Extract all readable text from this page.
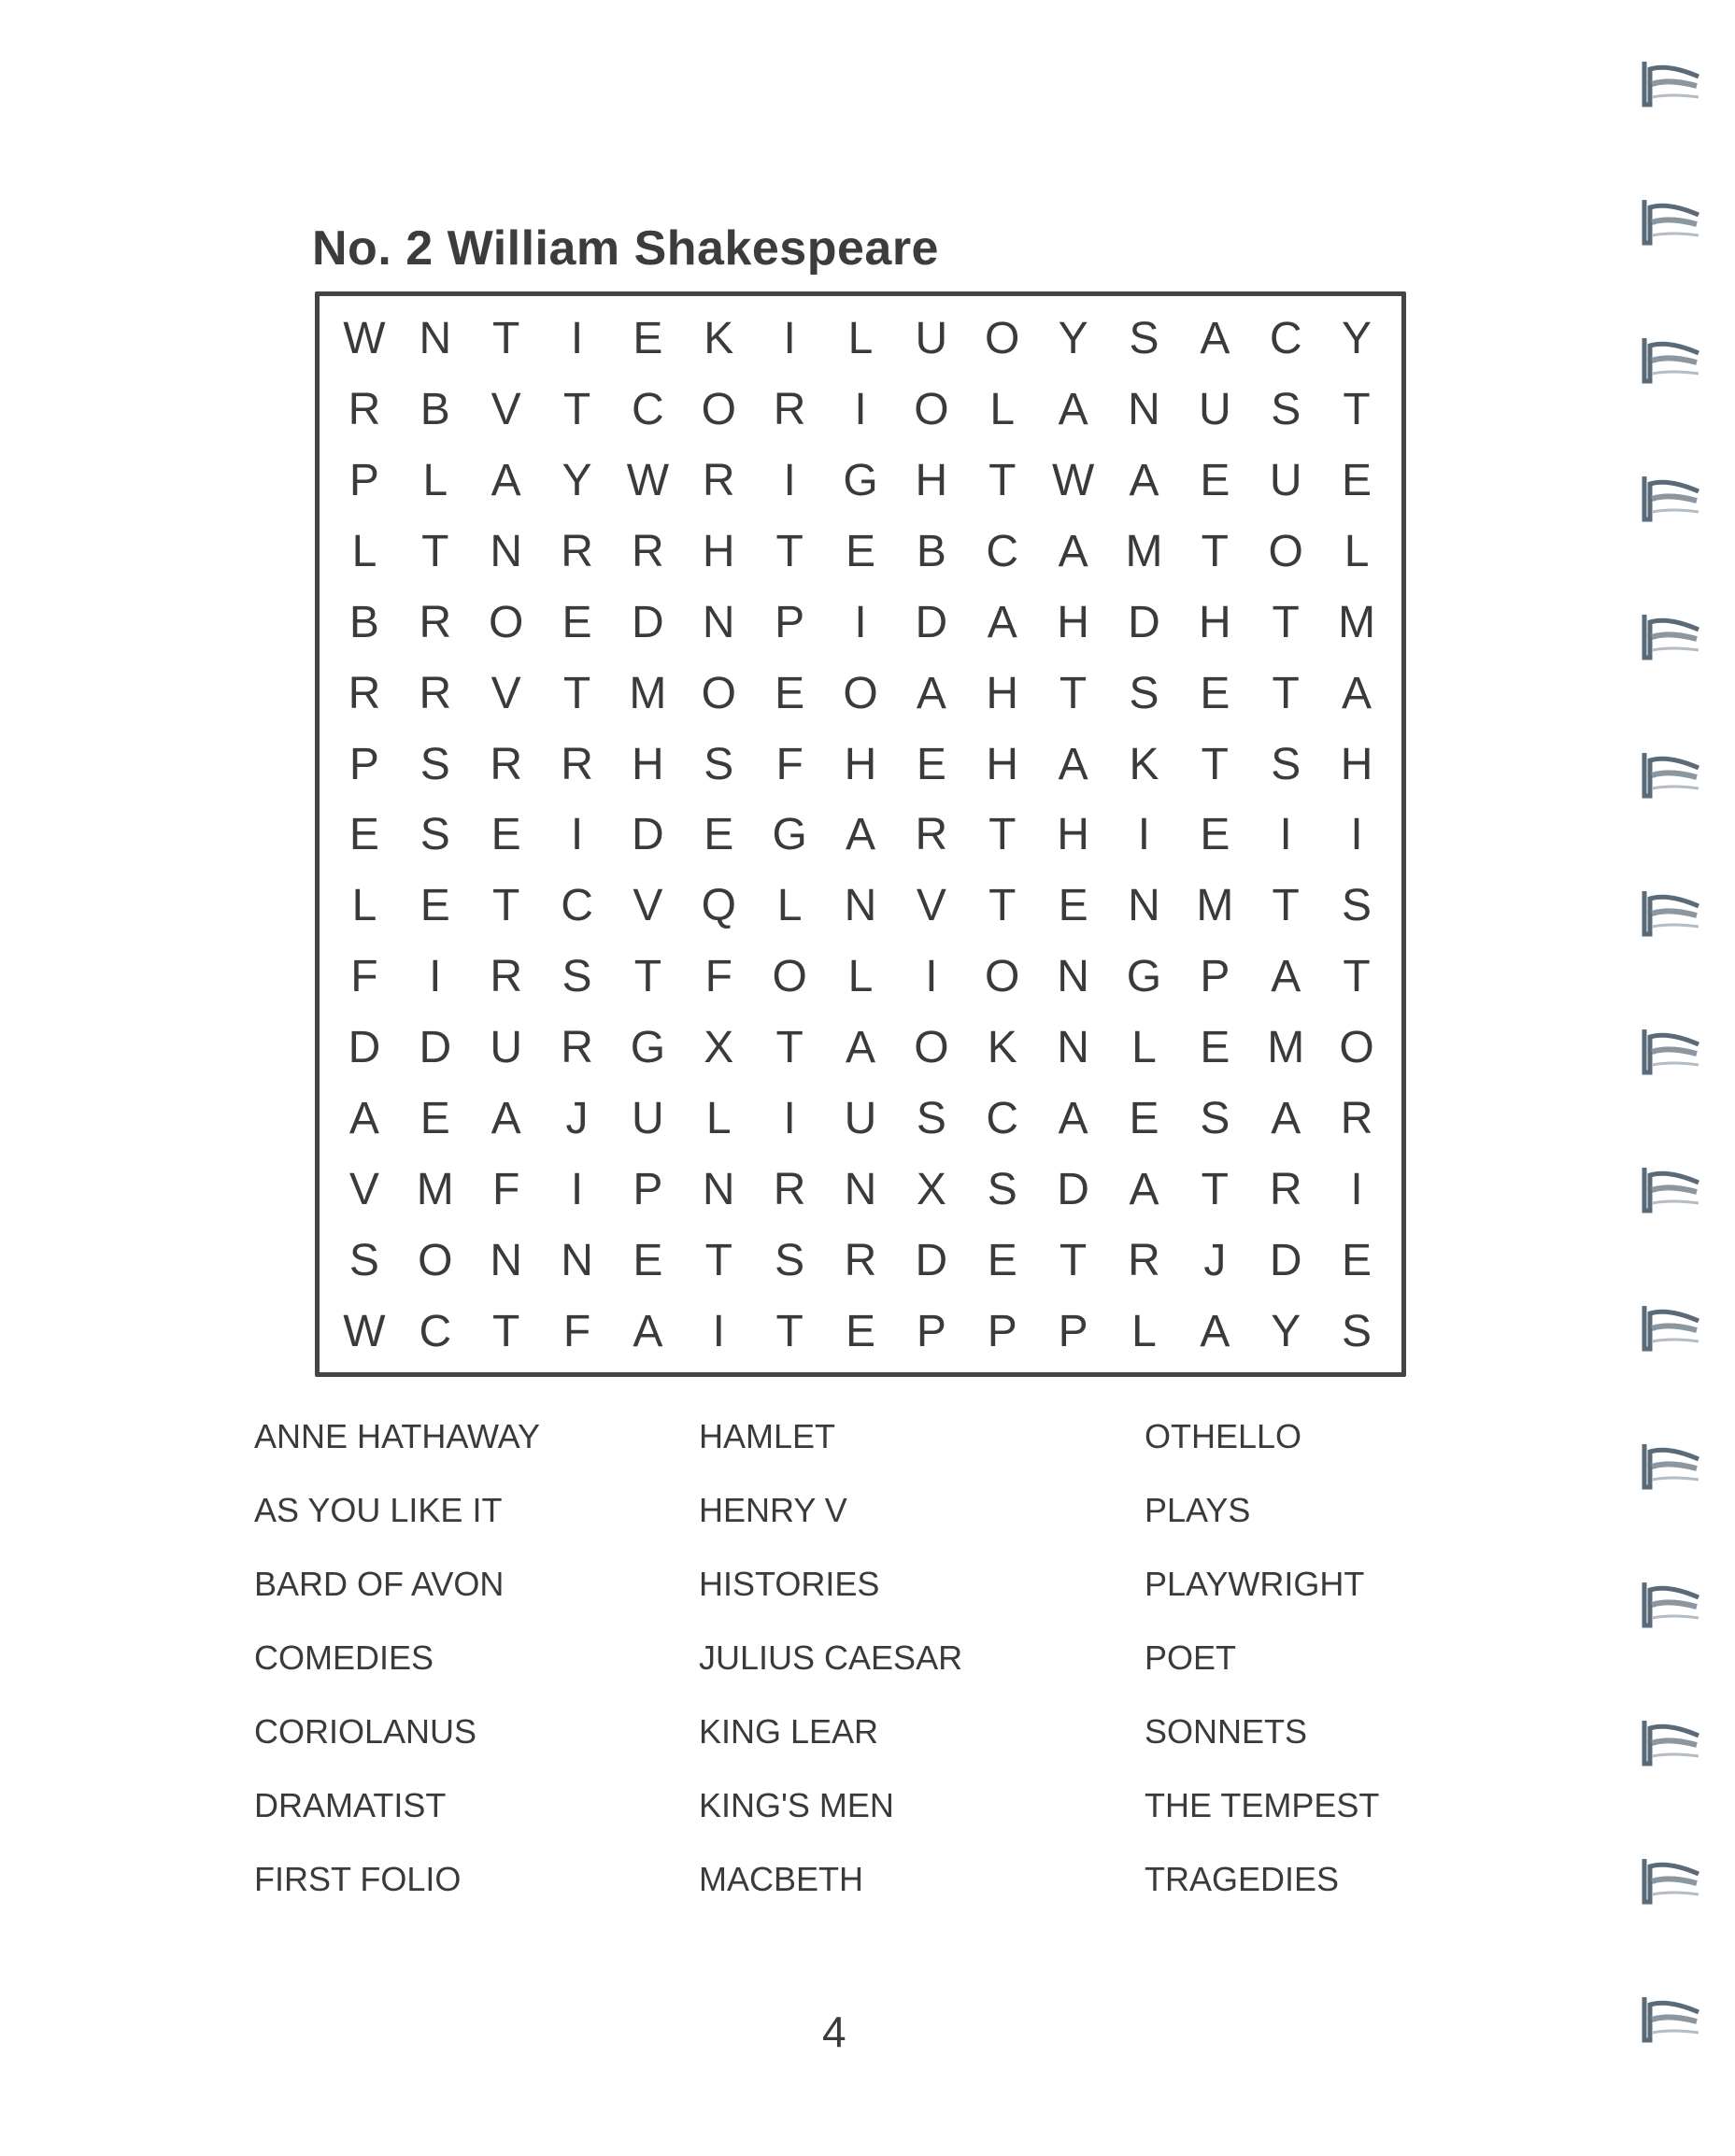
No. 2 William Shakespeare
W N T	I	E K	I	L U O Y S A C Y
R B V T C O R	I	O L A N U S T
P L A Y W R	I	G H T W A E U E
L T N R R H T E B C A M T O L
B R O E D N P	I	D A H D H T M
R R V T M O E O A H T S E T A
P S R R H S F H E H A K T S H
E S E	I	D E G A R T H	I	E	I	I
L E T C V Q L N V T E N M T S
F	I	R S T F O L	I	O N G P A T
D D U R G X T A O K N L E M O
A E A J U L	I	U S C A E S A R
V M F	I	P N R N X S D A T R	I
S O N N E T S R D E T R J D E
W C T F A	I	T E P P P L A Y S
ANNE HATHAWAY
AS YOU LIKE IT
BARD OF AVON
COMEDIES
CORIOLANUS
DRAMATIST
FIRST FOLIO
HAMLET
HENRY V
HISTORIES
JULIUS CAESAR
KING LEAR
KING'S MEN
MACBETH
OTHELLO
PLAYS
PLAYWRIGHT
POET
SONNETS
THE TEMPEST
TRAGEDIES
4
